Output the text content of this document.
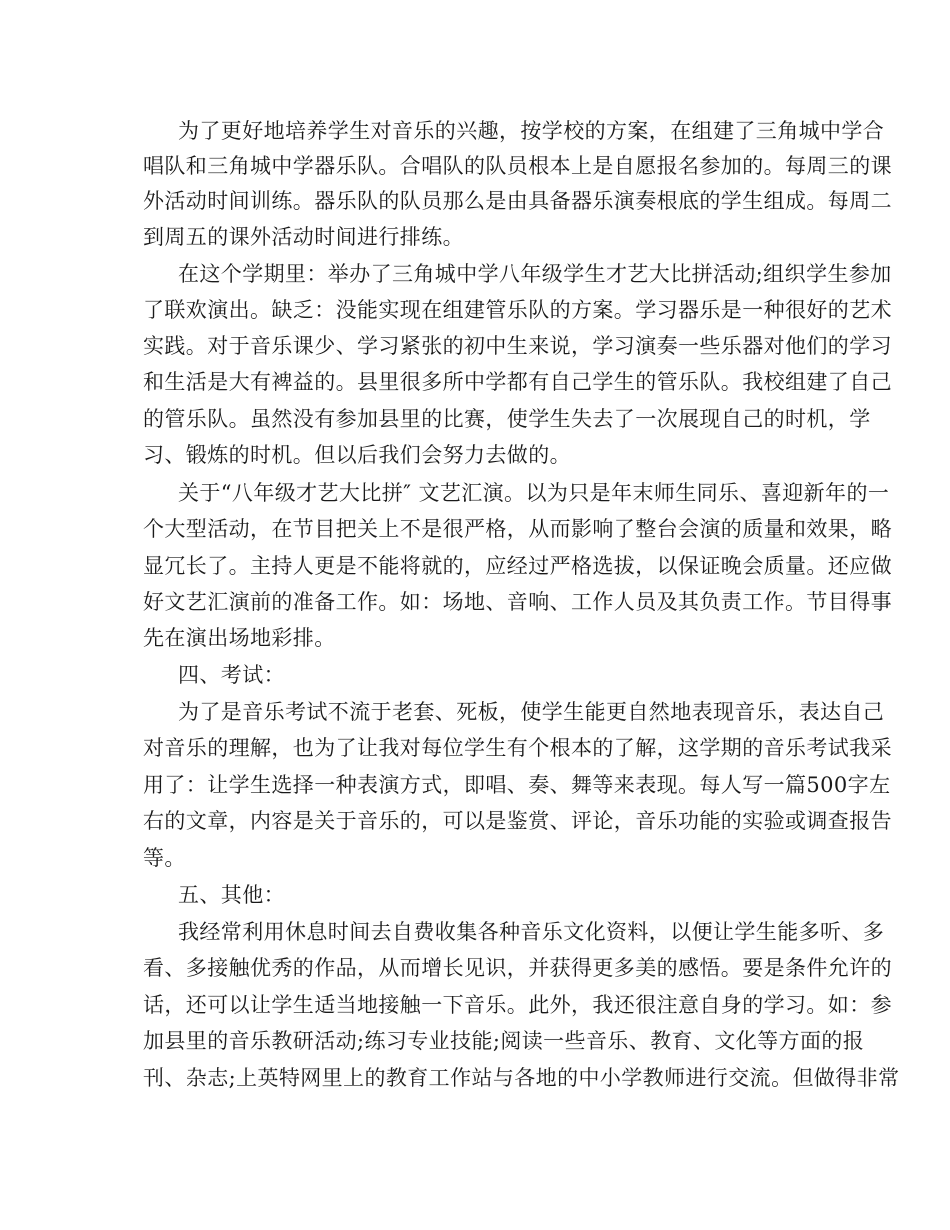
为了更好地培养学生对音乐的兴趣，按学校的方案，在组建了三角城中学合
唱队和三角城中学器乐队。合唱队的队员根本上是自愿报名参加的。每周三的课
外活动时间训练。器乐队的队员那么是由具备器乐演奏根底的学生组成。每周二
到周五的课外活动时间进行排练。
在这个学期里：举办了三角城中学八年级学生才艺大比拼活动;组织学生参加
了联欢演出。缺乏：没能实现在组建管乐队的方案。学习器乐是一种很好的艺术
实践。对于音乐课少、学习紧张的初中生来说，学习演奏一些乐器对他们的学习
和生活是大有裨益的。县里很多所中学都有自己学生的管乐队。我校组建了自己
的管乐队。虽然没有参加县里的比赛，使学生失去了一次展现自己的时机，学
习、锻炼的时机。但以后我们会努力去做的。
关于“八年级才艺大比拼″ 文艺汇演。以为只是年末师生同乐、喜迎新年的一
个大型活动，在节目把关上不是很严格，从而影响了整台会演的质量和效果，略
显冗长了。主持人更是不能将就的，应经过严格选拔，以保证晚会质量。还应做
好文艺汇演前的准备工作。如：场地、音响、工作人员及其负责工作。节目得事
先在演出场地彩排。
四、考试：
为了是音乐考试不流于老套、死板，使学生能更自然地表现音乐，表达自己
对音乐的理解，也为了让我对每位学生有个根本的了解，这学期的音乐考试我采
用了：让学生选择一种表演方式，即唱、奏、舞等来表现。每人写一篇500字左
右的文章，内容是关于音乐的，可以是鉴赏、评论，音乐功能的实验或调查报告
等。
五、其他：
我经常利用休息时间去自费收集各种音乐文化资料，以便让学生能多听、多
看、多接触优秀的作品，从而增长见识，并获得更多美的感悟。要是条件允许的
话，还可以让学生适当地接触一下音乐。此外，我还很注意自身的学习。如：参
加县里的音乐教研活动;练习专业技能;阅读一些音乐、教育、文化等方面的报
刊、杂志;上英特网里上的教育工作站与各地的中小学教师进行交流。但做得非常
